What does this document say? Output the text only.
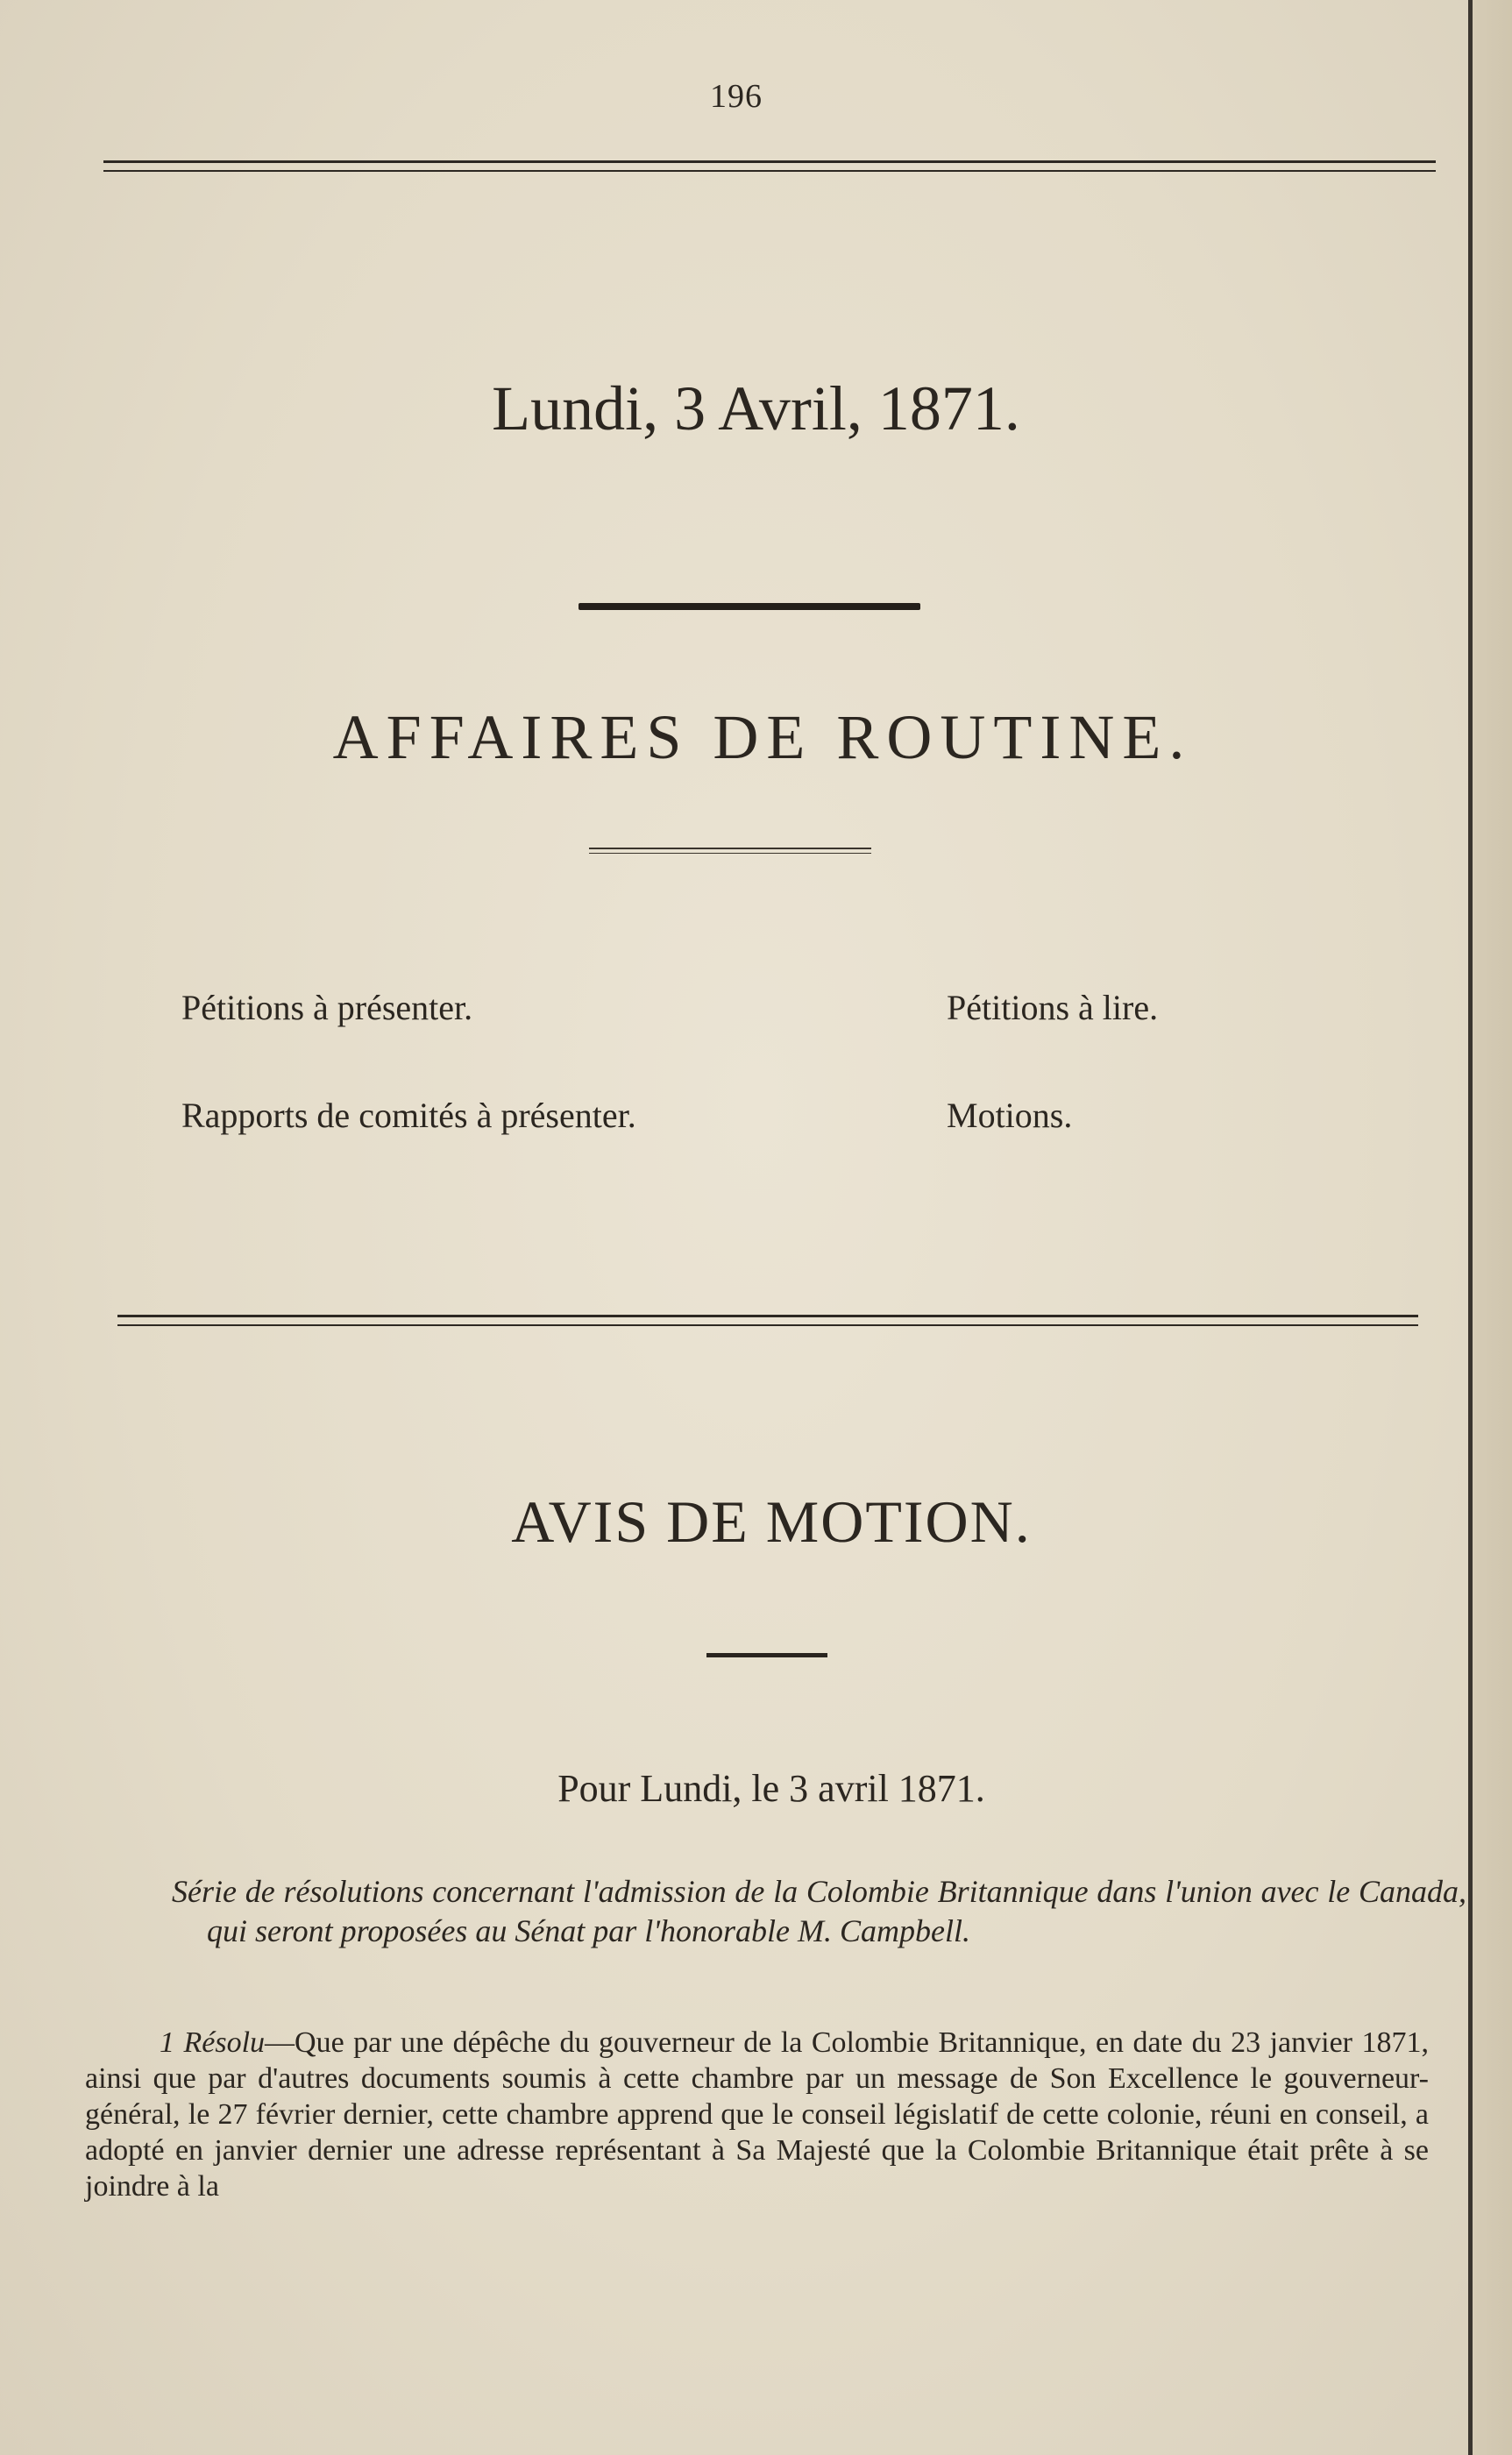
196
Lundi, 3 Avril, 1871.
AFFAIRES DE ROUTINE.
Pétitions à présenter.	Pétitions à lire.
Rapports de comités à présenter.	Motions.
AVIS DE MOTION.
Pour Lundi, le 3 avril 1871.
Série de résolutions concernant l'admission de la Colombie Britannique dans l'union avec le Canada, qui seront proposées au Sénat par l'honorable M. Campbell.
1 Résolu—Que par une dépêche du gouverneur de la Colombie Britannique, en date du 23 janvier 1871, ainsi que par d'autres documents soumis à cette chambre par un message de Son Excellence le gouverneur-général, le 27 février dernier, cette chambre apprend que le conseil législatif de cette colonie, réuni en conseil, a adopté en janvier dernier une adresse représentant à Sa Majesté que la Colombie Britannique était prête à se joindre à la
